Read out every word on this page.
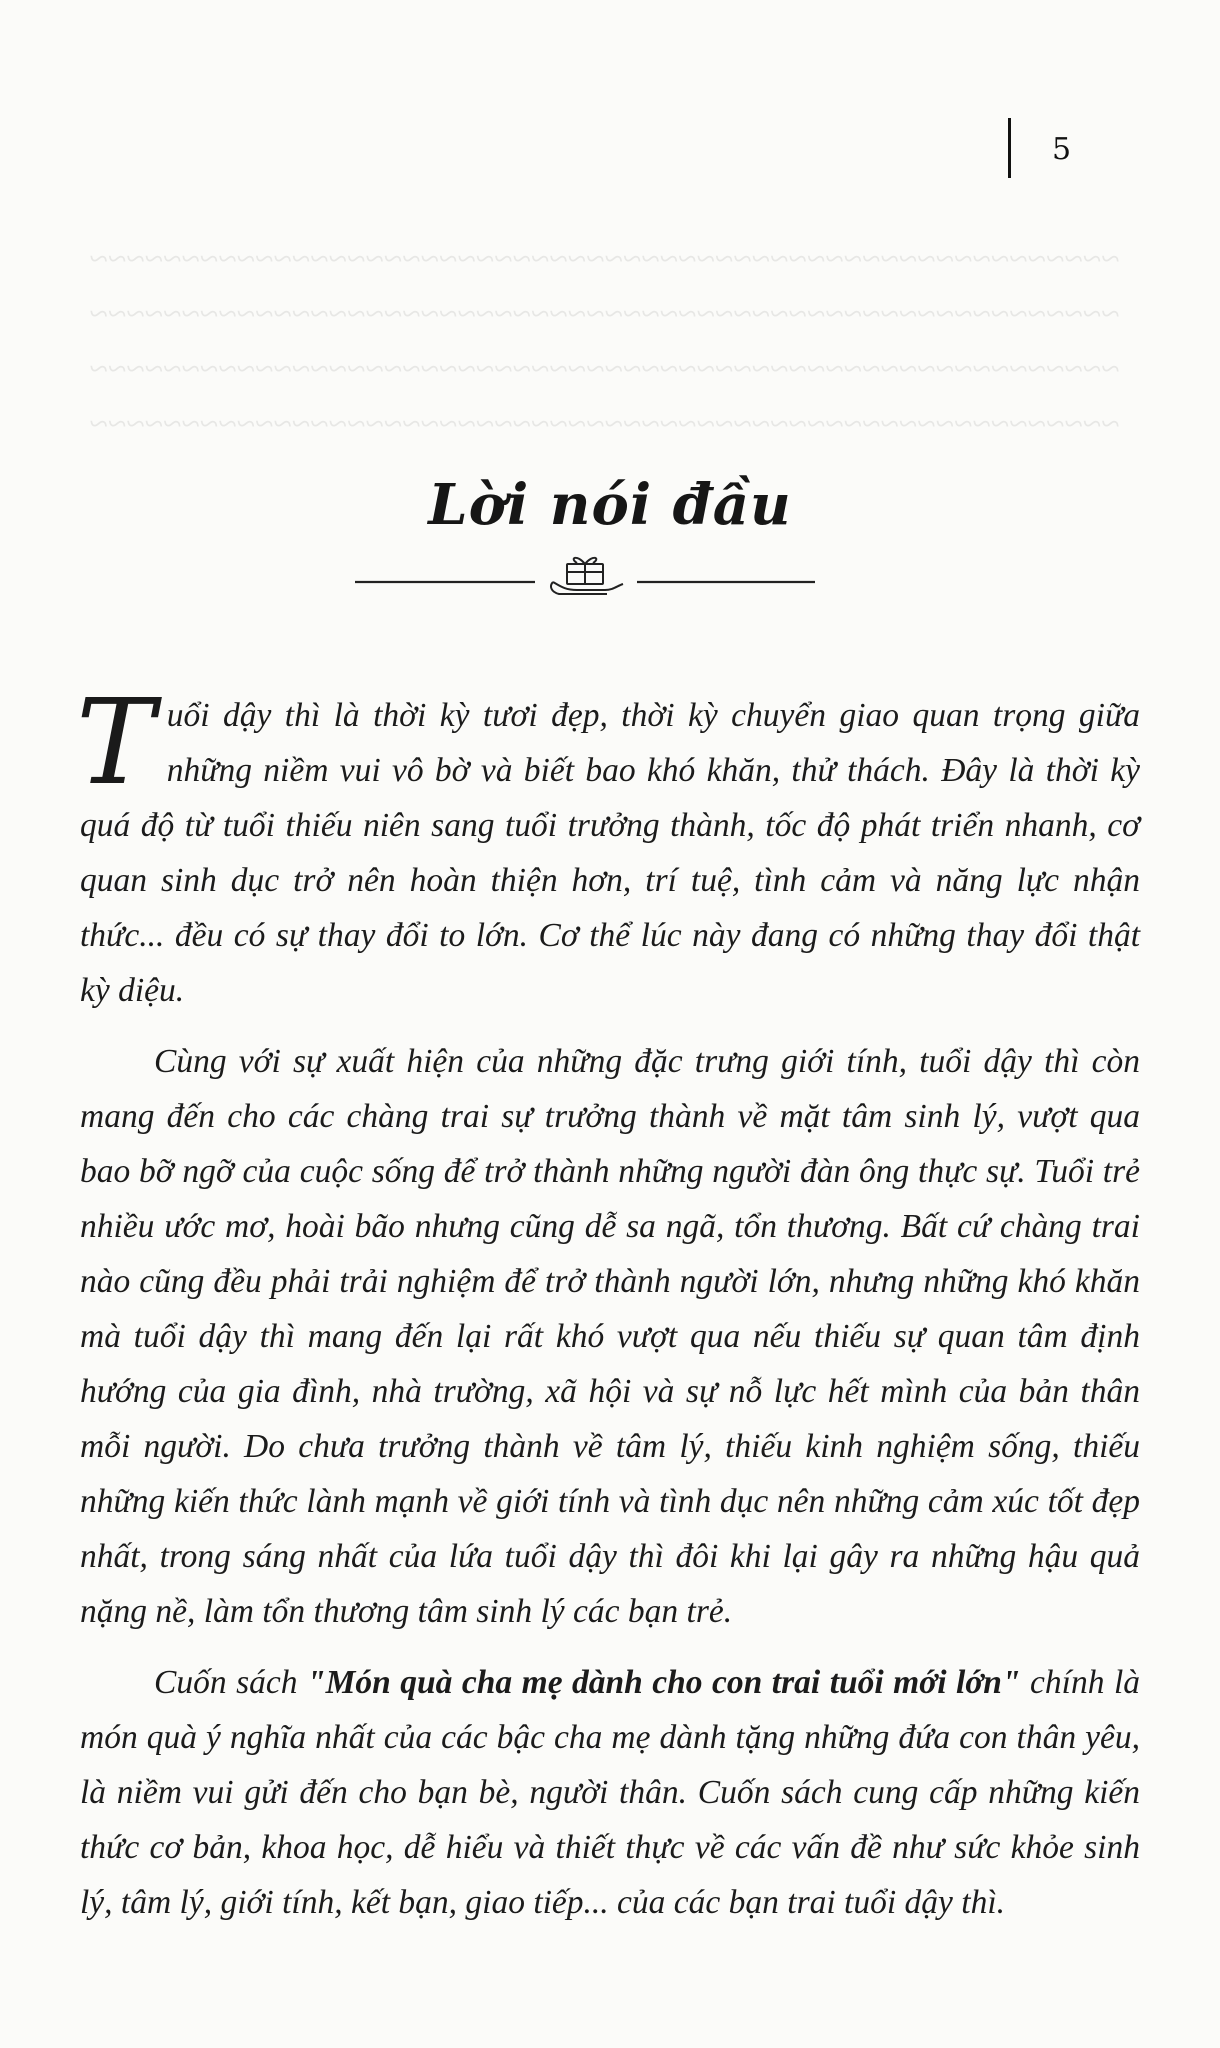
~~~~~~~~~~~~~~~~~~~~~~~~~~~~~~~~~~~~~~~~~~~~~~~~~~~~~~~~
~~~~~~~~~~~~~~~~~~~~~~~~~~~~~~~~~~~~~~~~~~~~~~~~~~~~~~~~
~~~~~~~~~~~~~~~~~~~~~~~~~~~~~~~~~~~~~~~~~~~~~~~~~~~~~~~~
~~~~~~~~~~~~~~~~~~~~~~~~~~~~~~~~~~~~~~~~~~~~~~~~~~~~~~~~
5
Lời nói đầu

Tuổi dậy thì là thời kỳ tươi đẹp, thời kỳ chuyển giao quan trọng giữa những niềm vui vô bờ và biết bao khó khăn, thử thách. Đây là thời kỳ quá độ từ tuổi thiếu niên sang tuổi trưởng thành, tốc độ phát triển nhanh, cơ quan sinh dục trở nên hoàn thiện hơn, trí tuệ, tình cảm và năng lực nhận thức... đều có sự thay đổi to lớn. Cơ thể lúc này đang có những thay đổi thật kỳ diệu.

Cùng với sự xuất hiện của những đặc trưng giới tính, tuổi dậy thì còn mang đến cho các chàng trai sự trưởng thành về mặt tâm sinh lý, vượt qua bao bỡ ngỡ của cuộc sống để trở thành những người đàn ông thực sự. Tuổi trẻ nhiều ước mơ, hoài bão nhưng cũng dễ sa ngã, tổn thương. Bất cứ chàng trai nào cũng đều phải trải nghiệm để trở thành người lớn, nhưng những khó khăn mà tuổi dậy thì mang đến lại rất khó vượt qua nếu thiếu sự quan tâm định hướng của gia đình, nhà trường, xã hội và sự nỗ lực hết mình của bản thân mỗi người. Do chưa trưởng thành về tâm lý, thiếu kinh nghiệm sống, thiếu những kiến thức lành mạnh về giới tính và tình dục nên những cảm xúc tốt đẹp nhất, trong sáng nhất của lứa tuổi dậy thì đôi khi lại gây ra những hậu quả nặng nề, làm tổn thương tâm sinh lý các bạn trẻ.

Cuốn sách "Món quà cha mẹ dành cho con trai tuổi mới lớn" chính là món quà ý nghĩa nhất của các bậc cha mẹ dành tặng những đứa con thân yêu, là niềm vui gửi đến cho bạn bè, người thân. Cuốn sách cung cấp những kiến thức cơ bản, khoa học, dễ hiểu và thiết thực về các vấn đề như sức khỏe sinh lý, tâm lý, giới tính, kết bạn, giao tiếp... của các bạn trai tuổi dậy thì.
